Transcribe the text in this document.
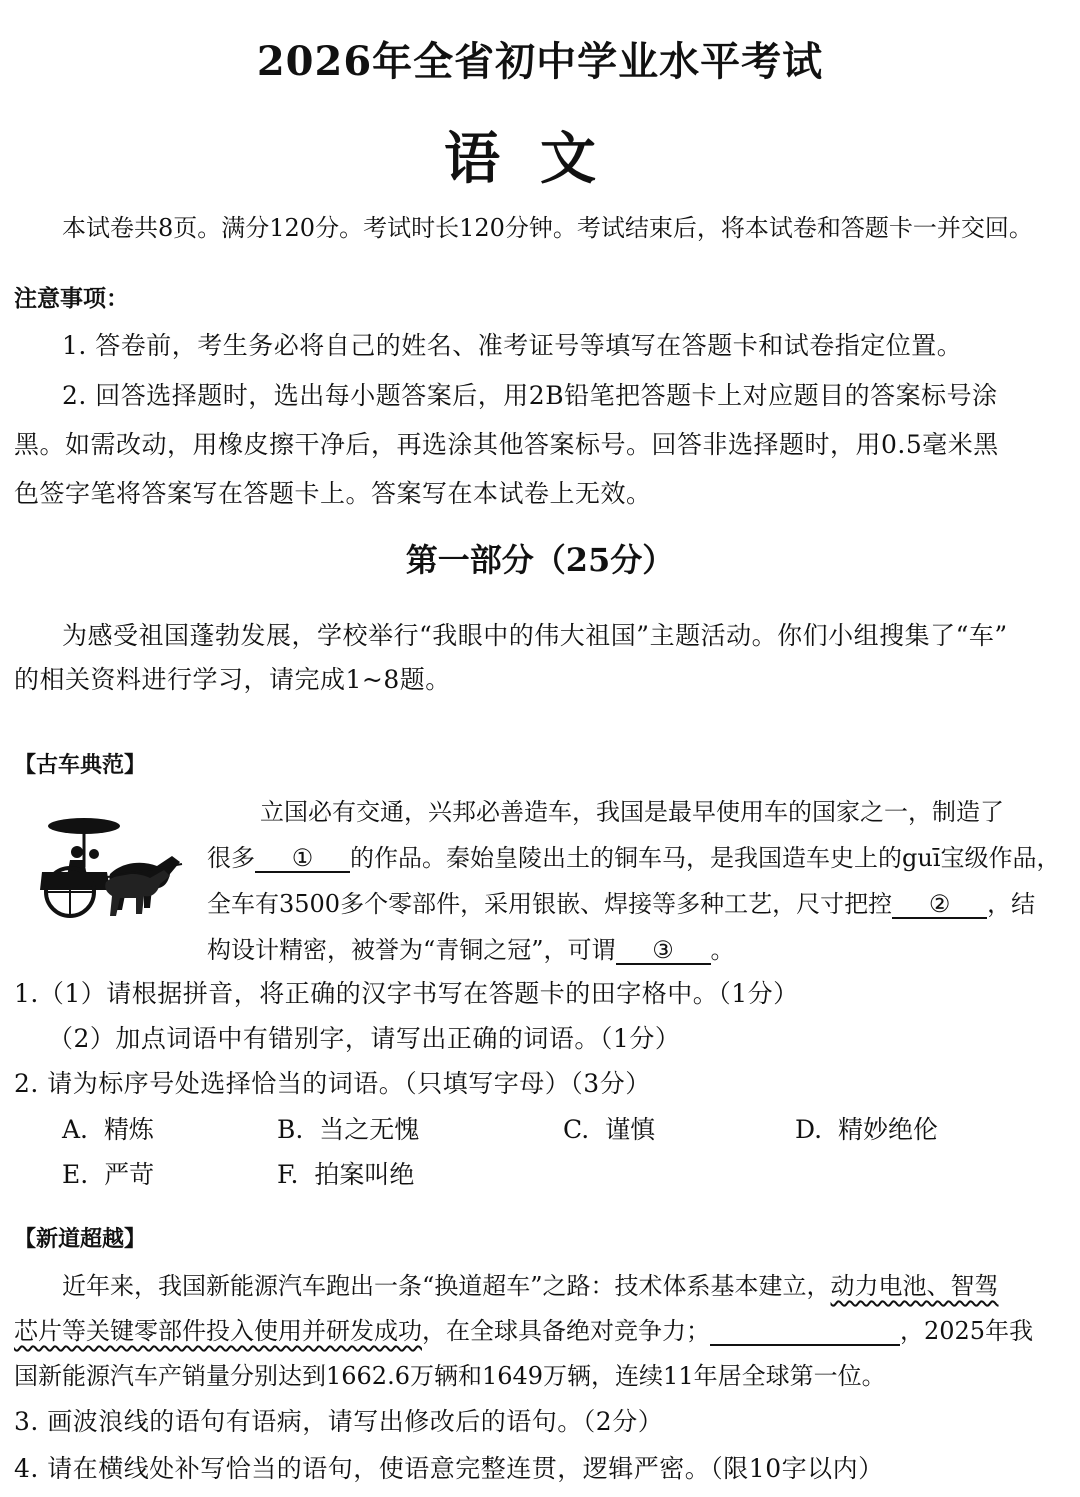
2026年全省初中学业水平考试
语文
本试卷共8页。满分120分。考试时长120分钟。考试结束后，将本试卷和答题卡一并交回。
注意事项：
1. 答卷前，考生务必将自己的姓名、准考证号等填写在答题卡和试卷指定位置。
2. 回答选择题时，选出每小题答案后，用2B铅笔把答题卡上对应题目的答案标号涂
黑。如需改动，用橡皮擦干净后，再选涂其他答案标号。回答非选择题时，用0.5毫米黑
色签字笔将答案写在答题卡上。答案写在本试卷上无效。
第一部分（25分）
为感受祖国蓬勃发展，学校举行“我眼中的伟大祖国”主题活动。你们小组搜集了“车”
的相关资料进行学习，请完成1~8题。
【古车典范】
立国必有交通，兴邦必善造车，我国是最早使用车的国家之一，制造了
很多 ① 的作品。秦始皇陵出土的铜车马，是我国造车史上的guī宝级作品，
全车有3500多个零部件，采用银嵌、焊接等多种工艺，尺寸把控 ② ，结
构设计精密，被誉为“青铜之冠”，可谓 ③ 。
1.（1）请根据拼音，将正确的汉字书写在答题卡的田字格中。（1分）
（2）加点词语中有错别字，请写出正确的词语。（1分）
2. 请为标序号处选择恰当的词语。（只填写字母）（3分）
A. 精炼	B. 当之无愧	C. 谨慎	D. 精妙绝伦
E. 严苛	F. 拍案叫绝
【新道超越】
近年来，我国新能源汽车跑出一条“换道超车”之路：技术体系基本建立，动力电池、智驾
芯片等关键零部件投入使用并研发成功，在全球具备绝对竞争力；	，2025年我
国新能源汽车产销量分别达到1662.6万辆和1649万辆，连续11年居全球第一位。
3. 画波浪线的语句有语病，请写出修改后的语句。（2分）
4. 请在横线处补写恰当的语句，使语意完整连贯，逻辑严密。（限10字以内）
